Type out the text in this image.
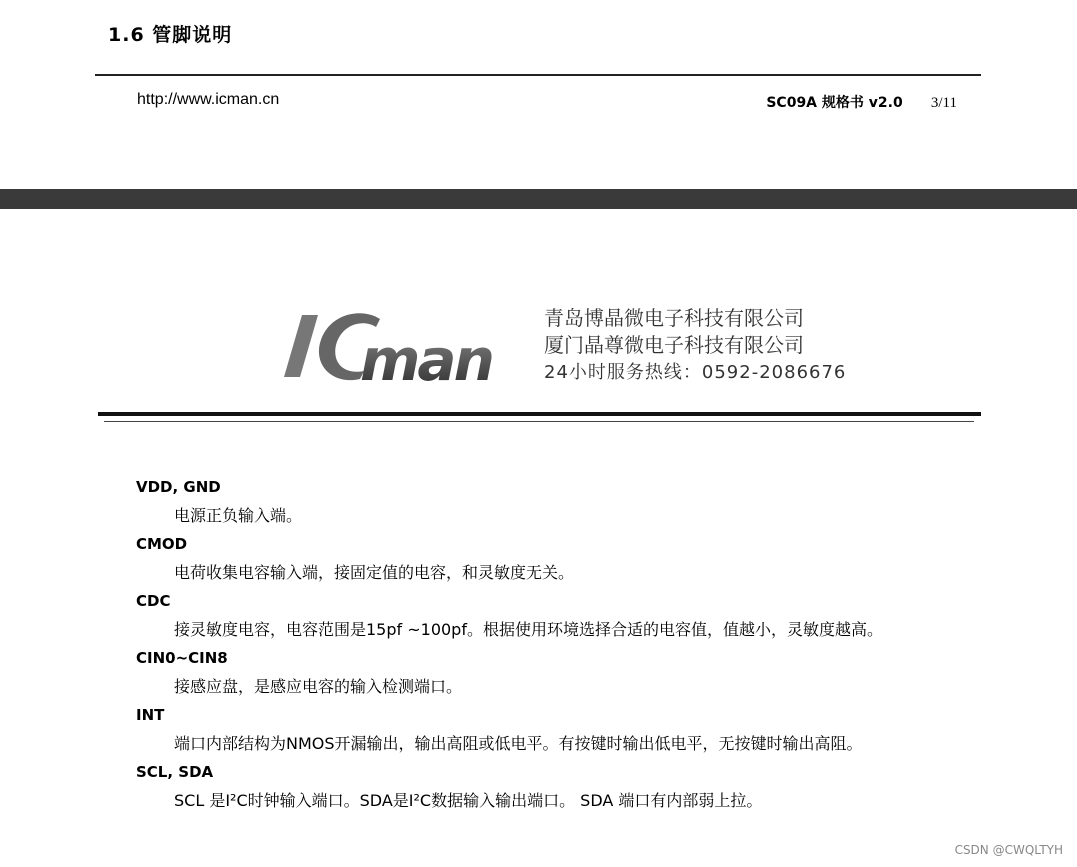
1.6 管脚说明
http://www.icman.cn	SC09A 规格书 v2.0 3/11
man
青岛博晶微电子科技有限公司
厦门晶尊微电子科技有限公司
24小时服务热线：0592-2086676
VDD, GND
电源正负输入端。
CMOD
电荷收集电容输入端，接固定值的电容，和灵敏度无关。
CDC
接灵敏度电容，电容范围是15pf ~100pf。根据使用环境选择合适的电容值，值越小，灵敏度越高。
CIN0~CIN8
接感应盘，是感应电容的输入检测端口。
INT
端口内部结构为NMOS开漏输出，输出高阻或低电平。有按键时输出低电平，无按键时输出高阻。
SCL, SDA
SCL 是I²C时钟输入端口。SDA是I²C数据输入输出端口。 SDA 端口有内部弱上拉。
CSDN @CWQLTYH
